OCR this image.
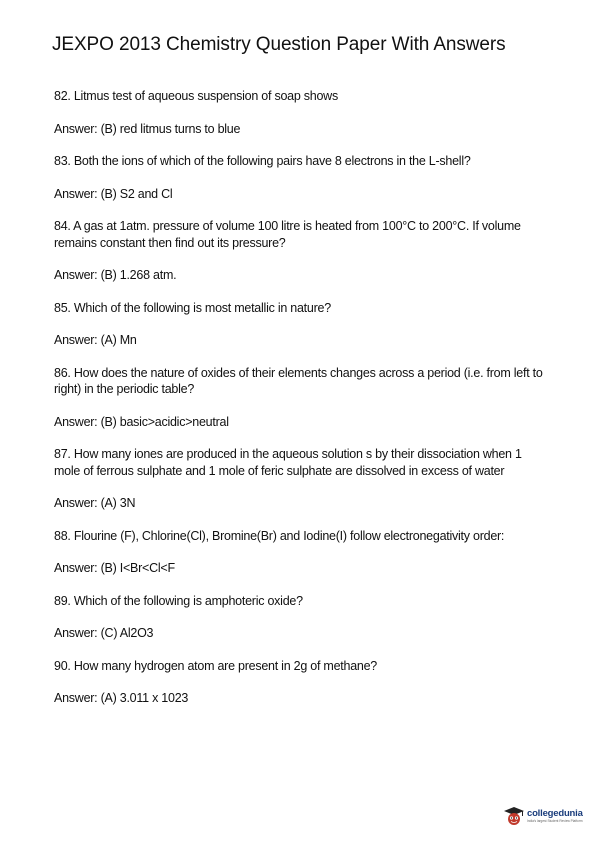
JEXPO 2013 Chemistry Question Paper With Answers

82. Litmus test of aqueous suspension of soap shows

Answer: (B) red litmus turns to blue

83. Both the ions of which of the following pairs have 8 electrons in the L-shell?

Answer: (B) S2 and Cl

84. A gas at 1atm. pressure of volume 100 litre is heated from 100°C to 200°C. If volume remains constant then find out its pressure?

Answer: (B) 1.268 atm.

85. Which of the following is most metallic in nature?

Answer: (A) Mn

86. How does the nature of oxides of their elements changes across a period (i.e. from left to right) in the periodic table?

Answer: (B) basic>acidic>neutral

87. How many iones are produced in the aqueous solution s by their dissociation when 1 mole of ferrous sulphate and 1 mole of feric sulphate are dissolved in excess of water

Answer: (A) 3N

88. Flourine (F), Chlorine(Cl), Bromine(Br) and Iodine(I) follow electronegativity order:

Answer: (B) I<Br<Cl<F

89. Which of the following is amphoteric oxide?

Answer: (C) Al2O3

90. How many hydrogen atom are present in 2g of methane?

Answer: (A) 3.011 x 1023

collegedunia
India's largest Student Review Platform
